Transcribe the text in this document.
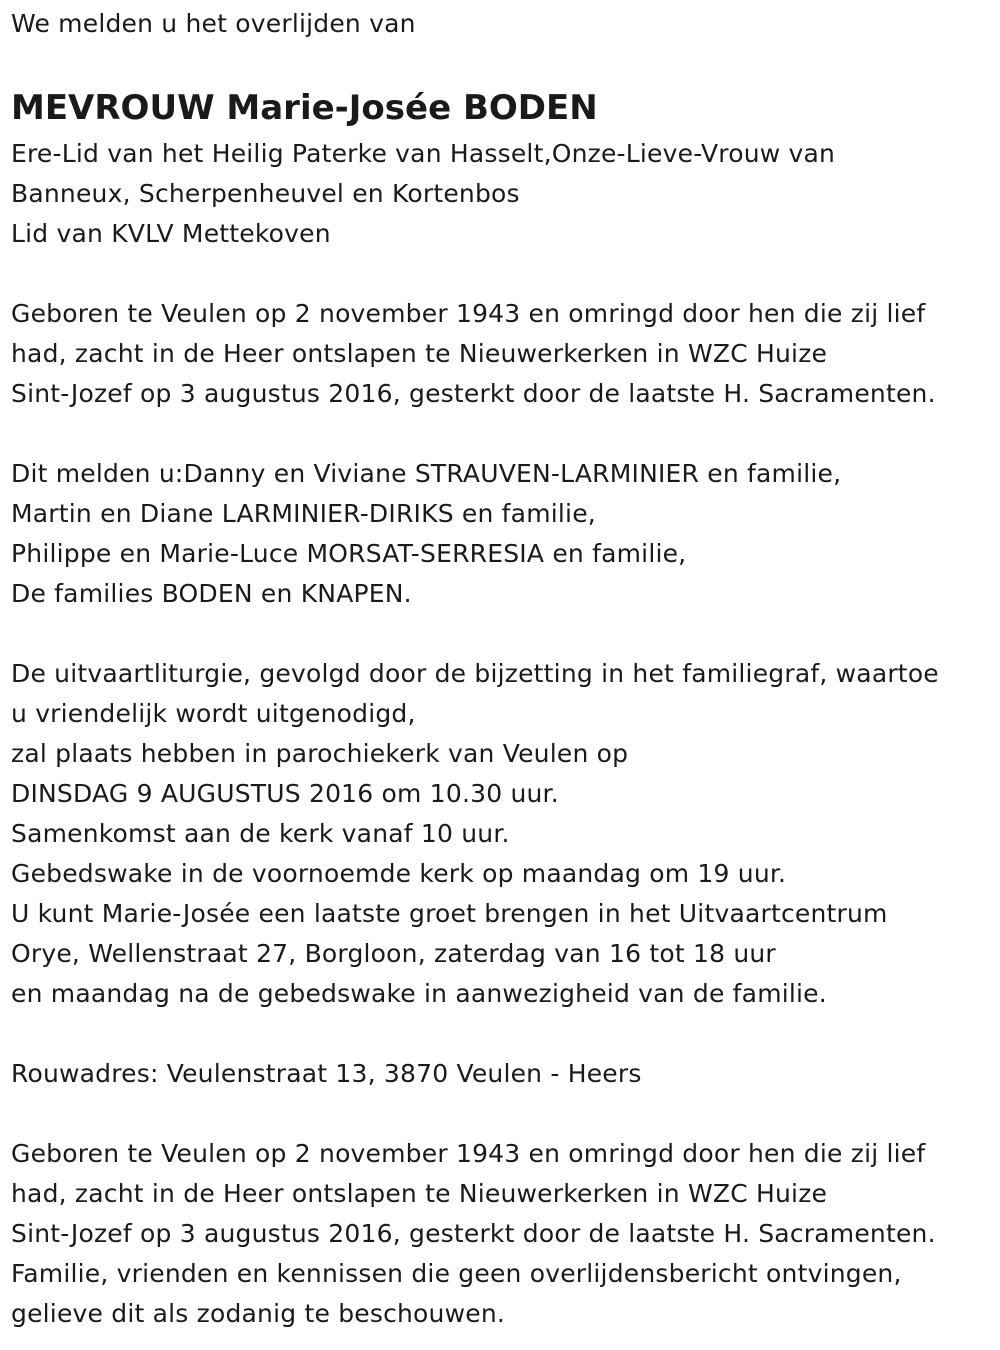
We melden u het overlijden van
MEVROUW Marie-Josée BODEN
Ere-Lid van het Heilig Paterke van Hasselt,Onze-Lieve-Vrouw van
Banneux, Scherpenheuvel en Kortenbos
Lid van KVLV Mettekoven
Geboren te Veulen op 2 november 1943 en omringd door hen die zij lief
had, zacht in de Heer ontslapen te Nieuwerkerken in WZC Huize
Sint-Jozef op 3 augustus 2016, gesterkt door de laatste H. Sacramenten.
Dit melden u:Danny en Viviane STRAUVEN-LARMINIER en familie,
Martin en Diane LARMINIER-DIRIKS en familie,
Philippe en Marie-Luce MORSAT-SERRESIA en familie,
De families BODEN en KNAPEN.
De uitvaartliturgie, gevolgd door de bijzetting in het familiegraf, waartoe
u vriendelijk wordt uitgenodigd,
zal plaats hebben in parochiekerk van Veulen op
DINSDAG 9 AUGUSTUS 2016 om 10.30 uur.
Samenkomst aan de kerk vanaf 10 uur.
Gebedswake in de voornoemde kerk op maandag om 19 uur.
U kunt Marie-Josée een laatste groet brengen in het Uitvaartcentrum
Orye, Wellenstraat 27, Borgloon, zaterdag van 16 tot 18 uur
en maandag na de gebedswake in aanwezigheid van de familie.
Rouwadres: Veulenstraat 13, 3870 Veulen - Heers
Geboren te Veulen op 2 november 1943 en omringd door hen die zij lief
had, zacht in de Heer ontslapen te Nieuwerkerken in WZC Huize
Sint-Jozef op 3 augustus 2016, gesterkt door de laatste H. Sacramenten.
Familie, vrienden en kennissen die geen overlijdensbericht ontvingen,
gelieve dit als zodanig te beschouwen.
